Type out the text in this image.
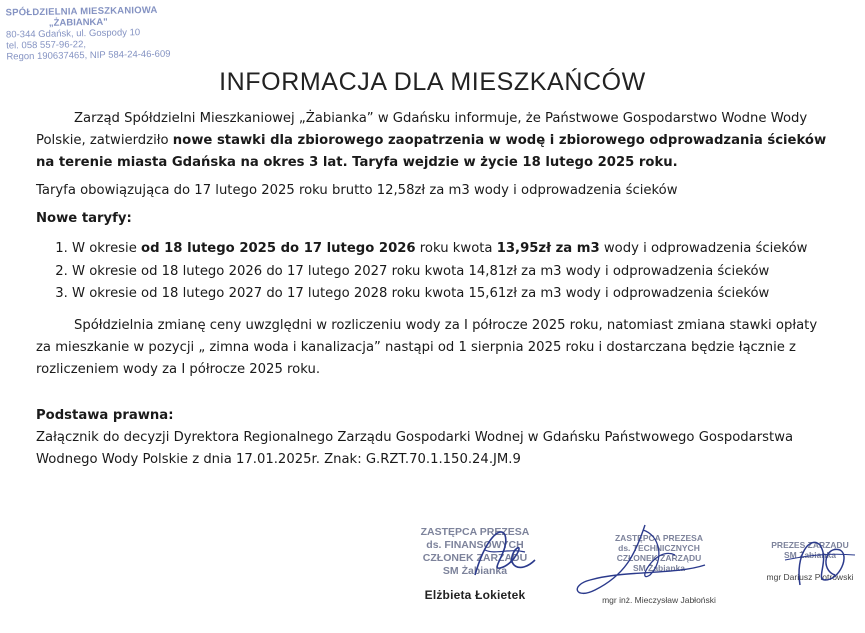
SPÓŁDZIELNIA MIESZKANIOWA
„ŻABIANKA"
80-344 Gdańsk, ul. Gospody 10
tel. 058 557-96-22,
Regon 190637465, NIP 584-24-46-609
INFORMACJA DLA MIESZKAŃCÓW

Zarząd Spółdzielni Mieszkaniowej „Żabianka” w Gdańsku informuje, że Państwowe Gospodarstwo Wodne Wody Polskie, zatwierdziło nowe stawki dla zbiorowego zaopatrzenia w wodę i zbiorowego odprowadzania ścieków na terenie miasta Gdańska na okres 3 lat. Taryfa wejdzie w życie 18 lutego 2025 roku.

Taryfa obowiązująca do 17 lutego 2025 roku brutto 12,58zł za m3 wody i odprowadzenia ścieków

Nowe taryfy:

1. W okresie od 18 lutego 2025 do 17 lutego 2026 roku kwota 13,95zł za m3 wody i odprowadzenia ścieków
2. W okresie od 18 lutego 2026 do 17 lutego 2027 roku kwota 14,81zł za m3 wody i odprowadzenia ścieków
3. W okresie od 18 lutego 2027 do 17 lutego 2028 roku kwota 15,61zł za m3 wody i odprowadzenia ścieków

Spółdzielnia zmianę ceny uwzględni w rozliczeniu wody za I półrocze 2025 roku, natomiast zmiana stawki opłaty za mieszkanie w pozycji „ zimna woda i kanalizacja” nastąpi od 1 sierpnia 2025 roku i dostarczana będzie łącznie z rozliczeniem wody za I półrocze 2025 roku.

Podstawa prawna:

Załącznik do decyzji Dyrektora Regionalnego Zarządu Gospodarki Wodnej w Gdańsku Państwowego Gospodarstwa Wodnego Wody Polskie z dnia 17.01.2025r. Znak: G.RZT.70.1.150.24.JM.9

ZASTĘPCA PREZESA
ds. FINANSOWYCH
CZŁONEK ZARZĄDU
SM Żabianka
Elżbieta Łokietek
ZASTĘPCA PREZESA
ds. TECHNICZNYCH
CZŁONEK ZARZĄDU
SM Żabianka
mgr inż. Mieczysław Jabłoński
PREZES ZARZĄDU
SM Żabianka
mgr Dariusz Piotrowski
